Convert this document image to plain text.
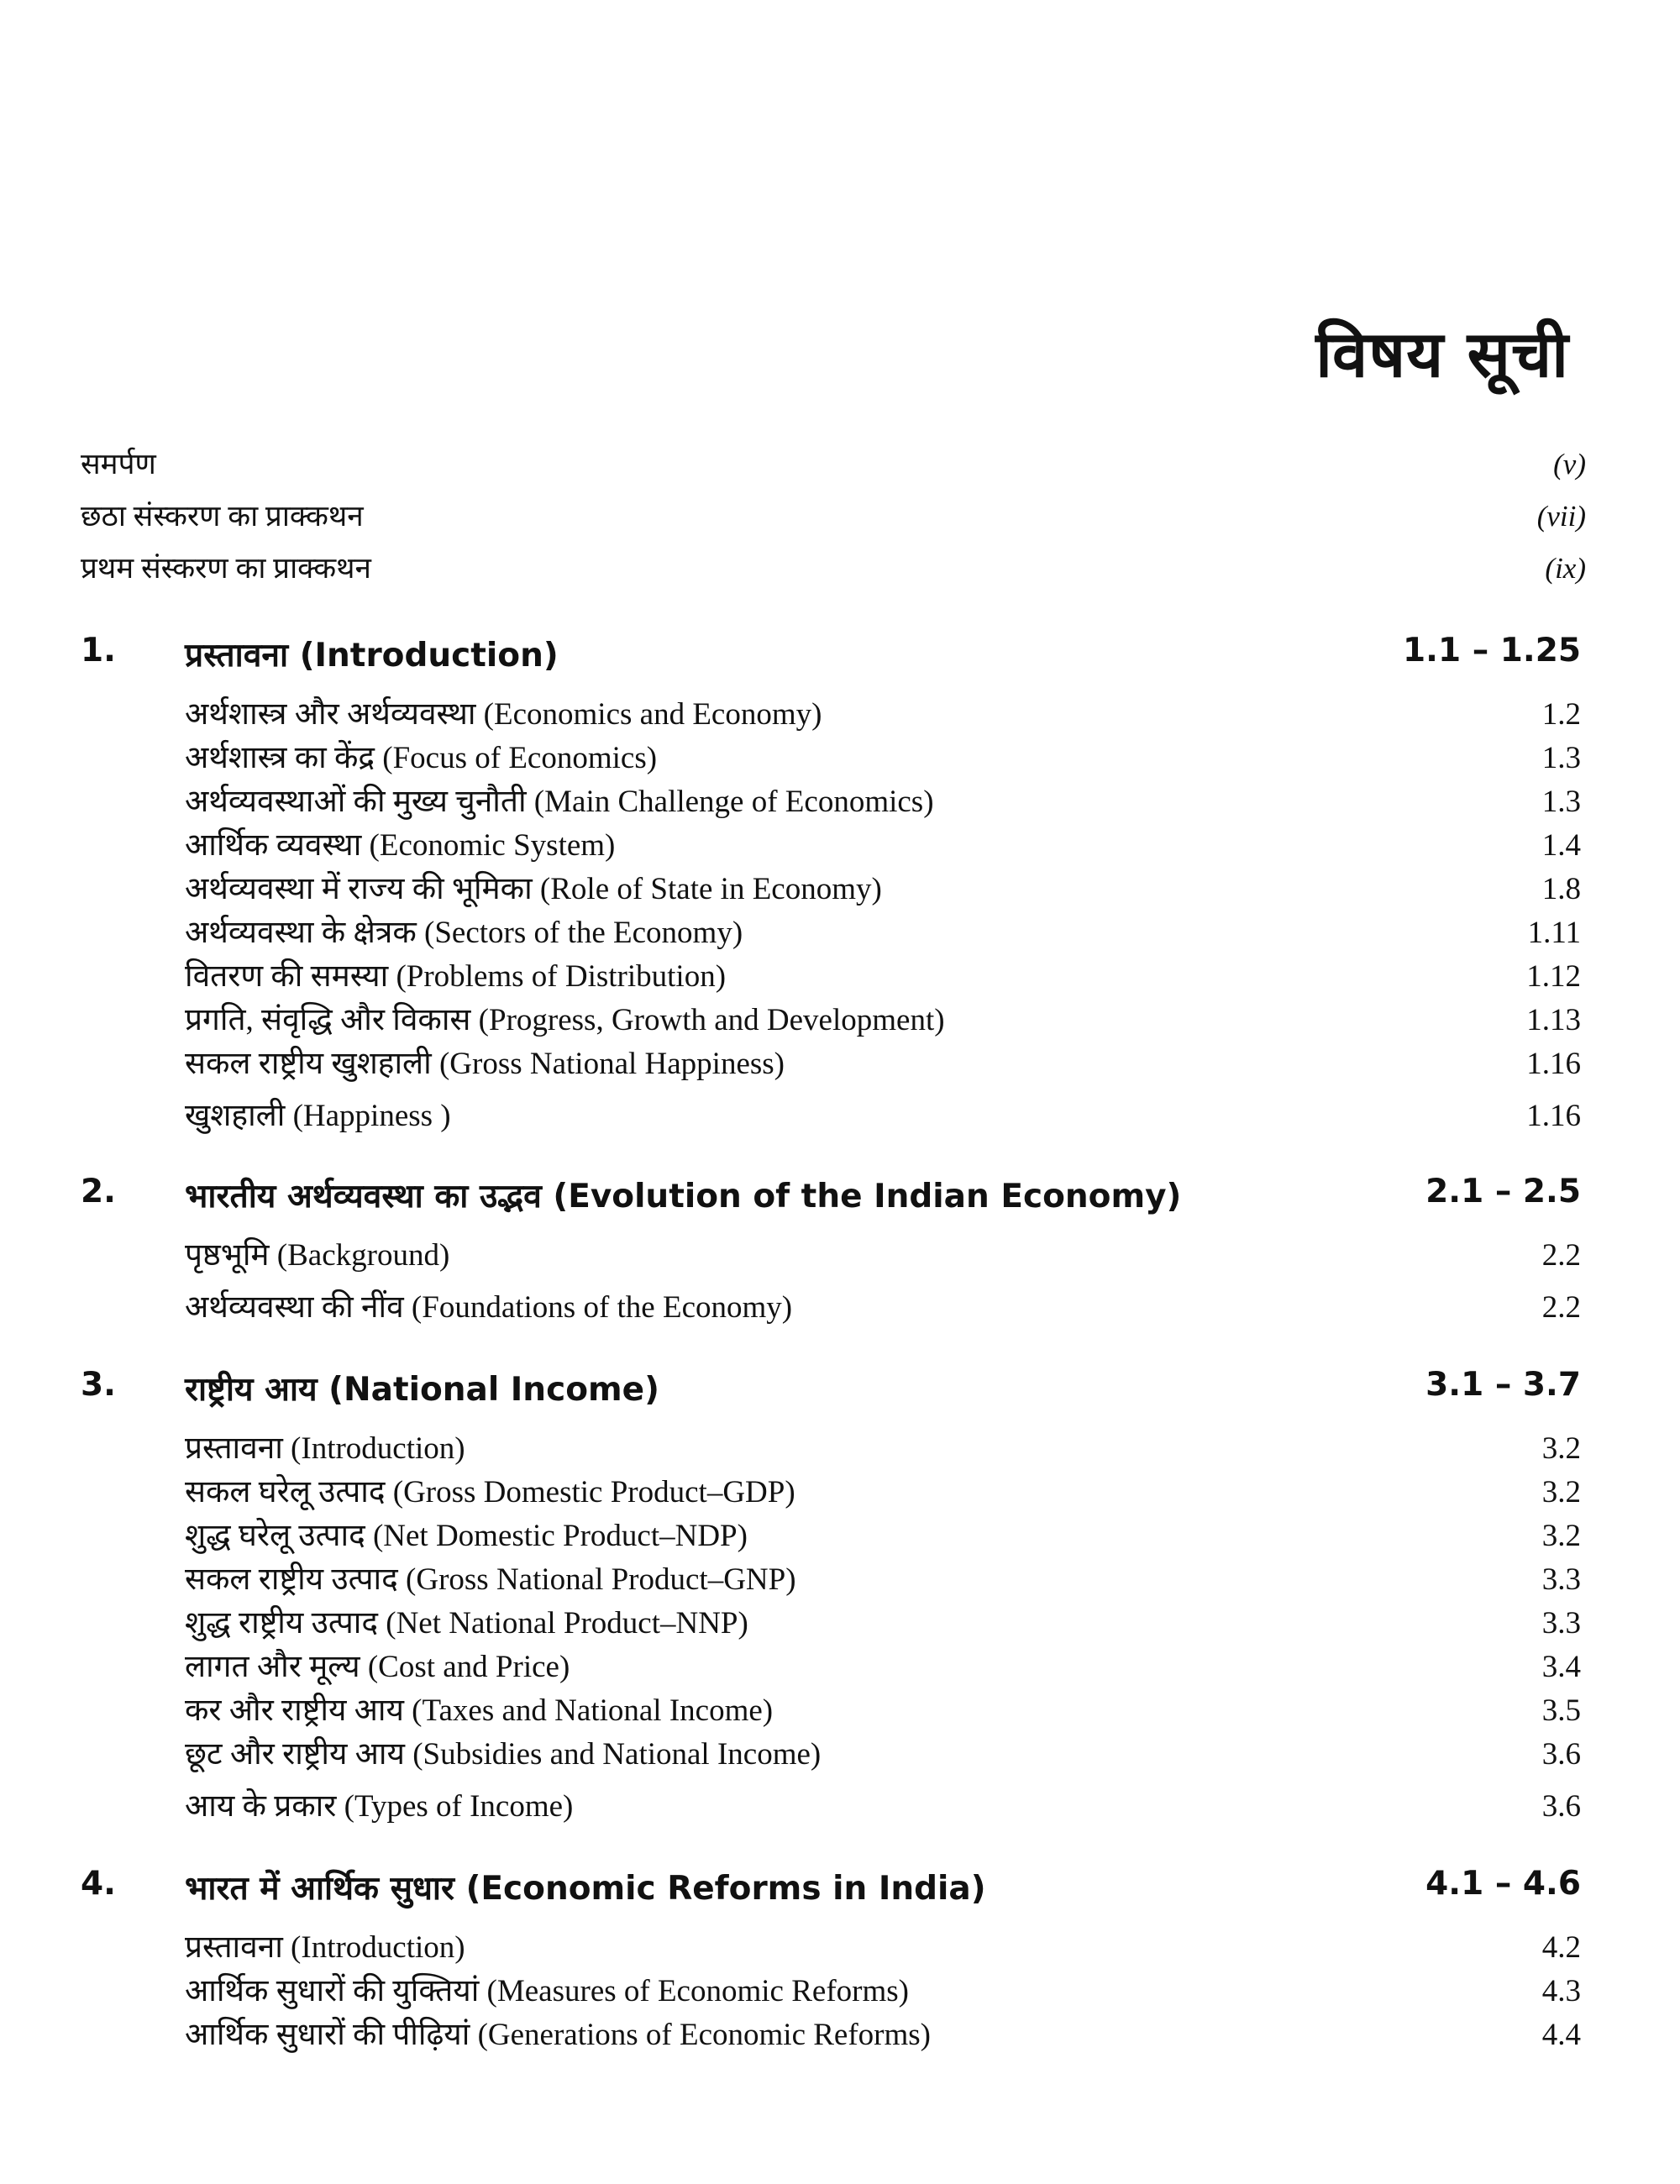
विषय सूची
समर्पण	(v)
छठा संस्करण का प्राक्कथन	(vii)
प्रथम संस्करण का प्राक्कथन	(ix)
1. प्रस्तावना (Introduction)	1.1 – 1.25
अर्थशास्त्र और अर्थव्यवस्था (Economics and Economy)	1.2
अर्थशास्त्र का केंद्र (Focus of Economics)	1.3
अर्थव्यवस्थाओं की मुख्य चुनौती (Main Challenge of Economics)	1.3
आर्थिक व्यवस्था (Economic System)	1.4
अर्थव्यवस्था में राज्य की भूमिका (Role of State in Economy)	1.8
अर्थव्यवस्था के क्षेत्रक (Sectors of the Economy)	1.11
वितरण की समस्या (Problems of Distribution)	1.12
प्रगति, संवृद्धि और विकास (Progress, Growth and Development)	1.13
सकल राष्ट्रीय खुशहाली (Gross National Happiness)	1.16
खुशहाली (Happiness )	1.16
2. भारतीय अर्थव्यवस्था का उद्भव (Evolution of the Indian Economy)	2.1 – 2.5
पृष्ठभूमि (Background)	2.2
अर्थव्यवस्था की नींव (Foundations of the Economy)	2.2
3. राष्ट्रीय आय (National Income)	3.1 – 3.7
प्रस्तावना (Introduction)	3.2
सकल घरेलू उत्पाद (Gross Domestic Product–GDP)	3.2
शुद्ध घरेलू उत्पाद (Net Domestic Product–NDP)	3.2
सकल राष्ट्रीय उत्पाद (Gross National Product–GNP)	3.3
शुद्ध राष्ट्रीय उत्पाद (Net National Product–NNP)	3.3
लागत और मूल्य (Cost and Price)	3.4
कर और राष्ट्रीय आय (Taxes and National Income)	3.5
छूट और राष्ट्रीय आय (Subsidies and National Income)	3.6
आय के प्रकार (Types of Income)	3.6
4. भारत में आर्थिक सुधार (Economic Reforms in India)	4.1 – 4.6
प्रस्तावना (Introduction)	4.2
आर्थिक सुधारों की युक्तियां (Measures of Economic Reforms)	4.3
आर्थिक सुधारों की पीढ़ियां (Generations of Economic Reforms)	4.4
